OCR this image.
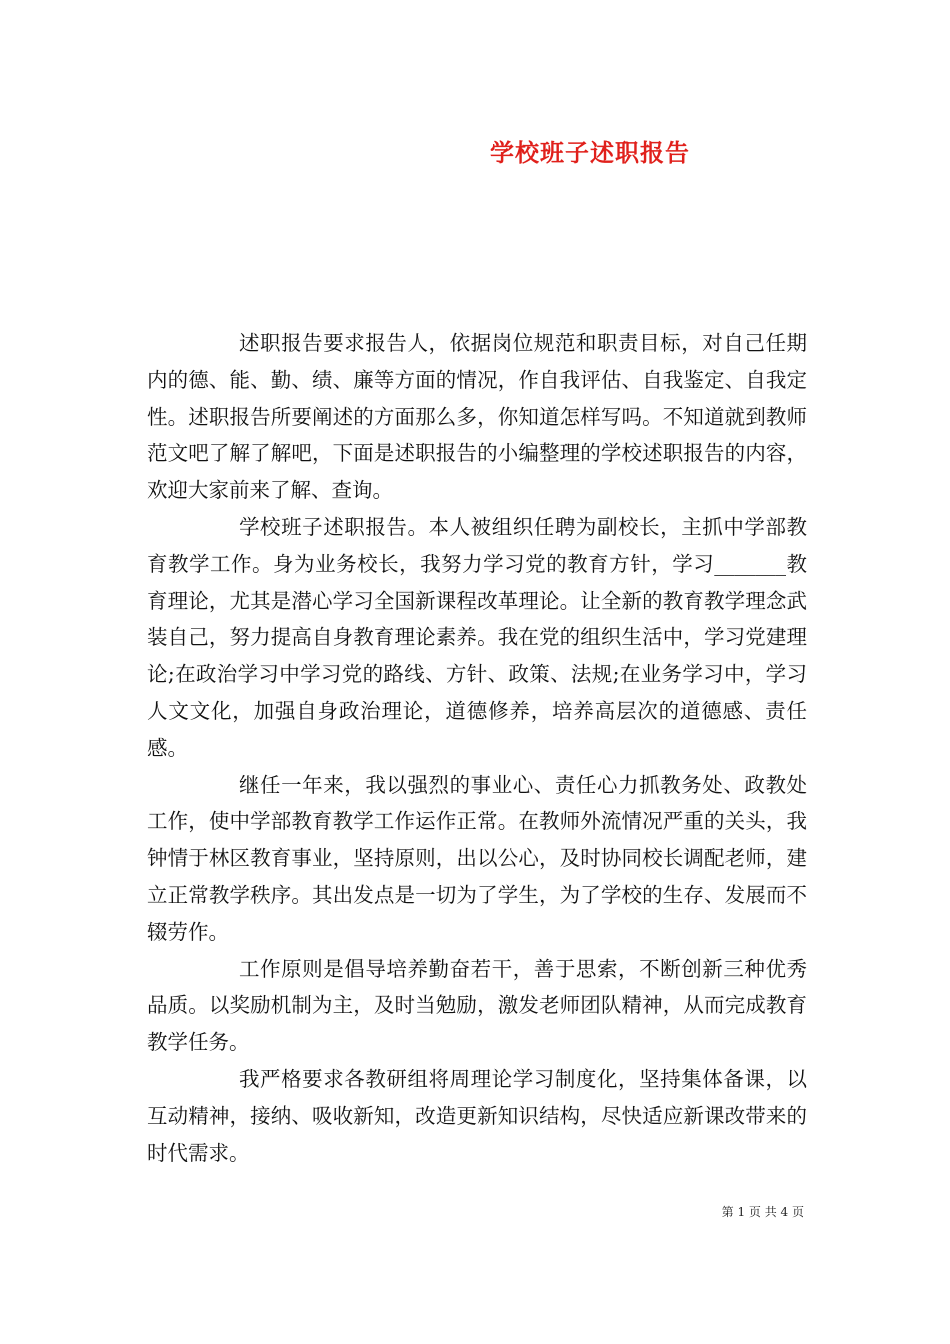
学校班子述职报告

述职报告要求报告人，依据岗位规范和职责目标，对自己任期内的德、能、勤、绩、廉等方面的情况，作自我评估、自我鉴定、自我定性。述职报告所要阐述的方面那么多，你知道怎样写吗。不知道就到教师范文吧了解了解吧，下面是述职报告的小编整理的学校述职报告的内容，欢迎大家前来了解、查询。

学校班子述职报告。本人被组织任聘为副校长，主抓中学部教育教学工作。身为业务校长，我努力学习党的教育方针，学习_______教育理论，尤其是潜心学习全国新课程改革理论。让全新的教育教学理念武装自己，努力提高自身教育理论素养。我在党的组织生活中，学习党建理论;在政治学习中学习党的路线、方针、政策、法规;在业务学习中，学习人文文化，加强自身政治理论，道德修养，培养高层次的道德感、责任感。

继任一年来，我以强烈的事业心、责任心力抓教务处、政教处工作，使中学部教育教学工作运作正常。在教师外流情况严重的关头，我钟情于林区教育事业，坚持原则，出以公心，及时协同校长调配老师，建立正常教学秩序。其出发点是一切为了学生，为了学校的生存、发展而不辍劳作。

工作原则是倡导培养勤奋若干，善于思索，不断创新三种优秀品质。以奖励机制为主，及时当勉励，激发老师团队精神，从而完成教育教学任务。

我严格要求各教研组将周理论学习制度化，坚持集体备课，以互动精神，接纳、吸收新知，改造更新知识结构，尽快适应新课改带来的时代需求。

第 1 页 共 4 页
